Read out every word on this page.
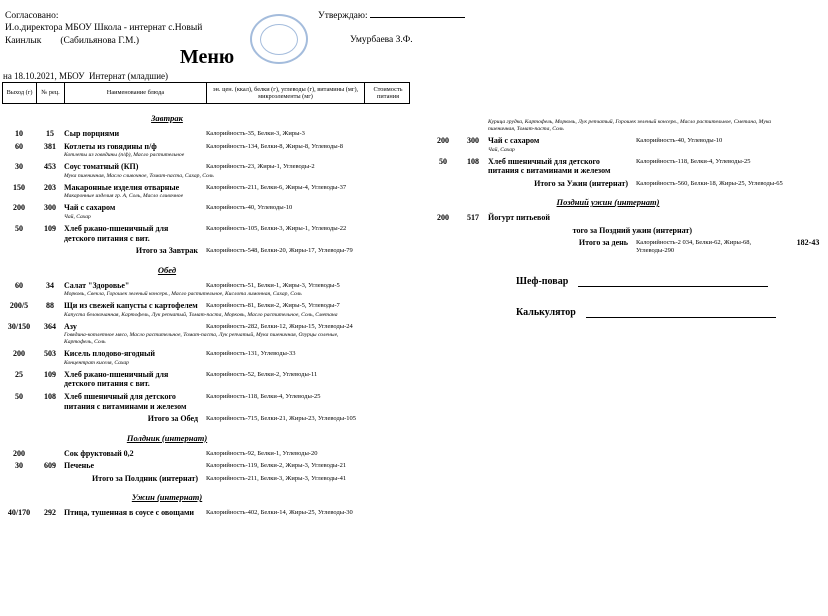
Согласовано:
И.о.директора МБОУ Школа - интернат с.Новый
Каинлык        (Сабильянова Г.М.)
Утверждаю:
Умурбаева З.Ф.
Меню
на 18.10.2021, МБОУ  Интернат (младшие)
Выход (г)	№ рец.	Наименование блюда
эн. цен. (ккал), белки (г), углеводы (г), витамины (мг), микроэлементы (мг)
Стоимость питания
Завтрак
10	15	Сыр порциями	Калорийность-35, Белки-3, Жиры-3
60	381	Котлеты из говядины п/ф	Калорийность-134, Белки-8, Жиры-8, Углеводы-8
Котлеты из говядины (п/ф), Масло растительное
30	453	Соус томатный (КП)	Калорийность-23, Жиры-1, Углеводы-2
Мука пшеничная, Масло сливочное, Томат-паста, Сахар, Соль
150	203	Макаронные изделия отварные	Калорийность-211, Белки-6, Жиры-4, Углеводы-37
Макаронные изделия гр. А, Соль, Масло сливочное
200	300	Чай с сахаром	Калорийность-40, Углеводы-10
Чай, Сахар
50	109	Хлеб ржано-пшеничный для детского питания с вит.
Калорийность-105, Белки-3, Жиры-1, Углеводы-22
Итого за Завтрак	Калорийность-548, Белки-20, Жиры-17, Углеводы-79
Обед
60	34	Салат "Здоровье"	Калорийность-51, Белки-1, Жиры-3, Углеводы-5
Морковь, Свекла, Горошек зеленый консерв., Масло растительное, Кислота лимонная, Сахар, Соль
200/5	88	Щи из свежей капусты с картофелем	Калорийность-81, Белки-2, Жиры-5, Углеводы-7
Капуста белокочанная, Картофель, Лук репчатый, Томат-паста, Морковь, Масло растительное, Соль, Сметана
30/150	364	Азу	Калорийность-282, Белки-12, Жиры-15, Углеводы-24
Говядина-котлетное мясо, Масло растительное, Томат-паста, Лук репчатый, Мука пшеничная, Огурцы соленые, Картофель, Соль
200	503	Кисель плодово-ягодный	Калорийность-131, Углеводы-33
Концентрат киселя, Сахар
25	109	Хлеб ржано-пшеничный для детского питания с вит.
Калорийность-52, Белки-2, Углеводы-11
50	108	Хлеб пшеничный для детского питания с витаминами и железом
Калорийность-118, Белки-4, Углеводы-25
Итого за Обед	Калорийность-715, Белки-21, Жиры-23, Углеводы-105
Полдник (интернат)
200	Сок фруктовый 0,2	Калорийность-92, Белки-1, Углеводы-20
30	609	Печенье	Калорийность-119, Белки-2, Жиры-3, Углеводы-21
Итого за Полдник (интернат)	Калорийность-211, Белки-3, Жиры-3, Углеводы-41
Ужин (интернат)
40/170	292	Птица, тушенная в соусе с овощами	Калорийность-402, Белки-14, Жиры-25, Углеводы-30
Курица грудка, Картофель, Морковь, Лук репчатый, Горошек зеленый консерв., Масло растительное, Сметана, Мука пшеничная, Томат-паста, Соль
200	300	Чай с сахаром	Калорийность-40, Углеводы-10
Чай, Сахар
50	108	Хлеб пшеничный для детского питания с витаминами и железом
Калорийность-118, Белки-4, Углеводы-25
Итого за Ужин (интернат)	Калорийность-560, Белки-18, Жиры-25, Углеводы-65
Поздний ужин (интернат)
200	517	Йогурт питьевой
того за Поздний ужин (интернат)
Итого за день	Калорийность-2 034, Белки-62, Жиры-68, Углеводы-290
182-43
Шеф-повар
Калькулятор
